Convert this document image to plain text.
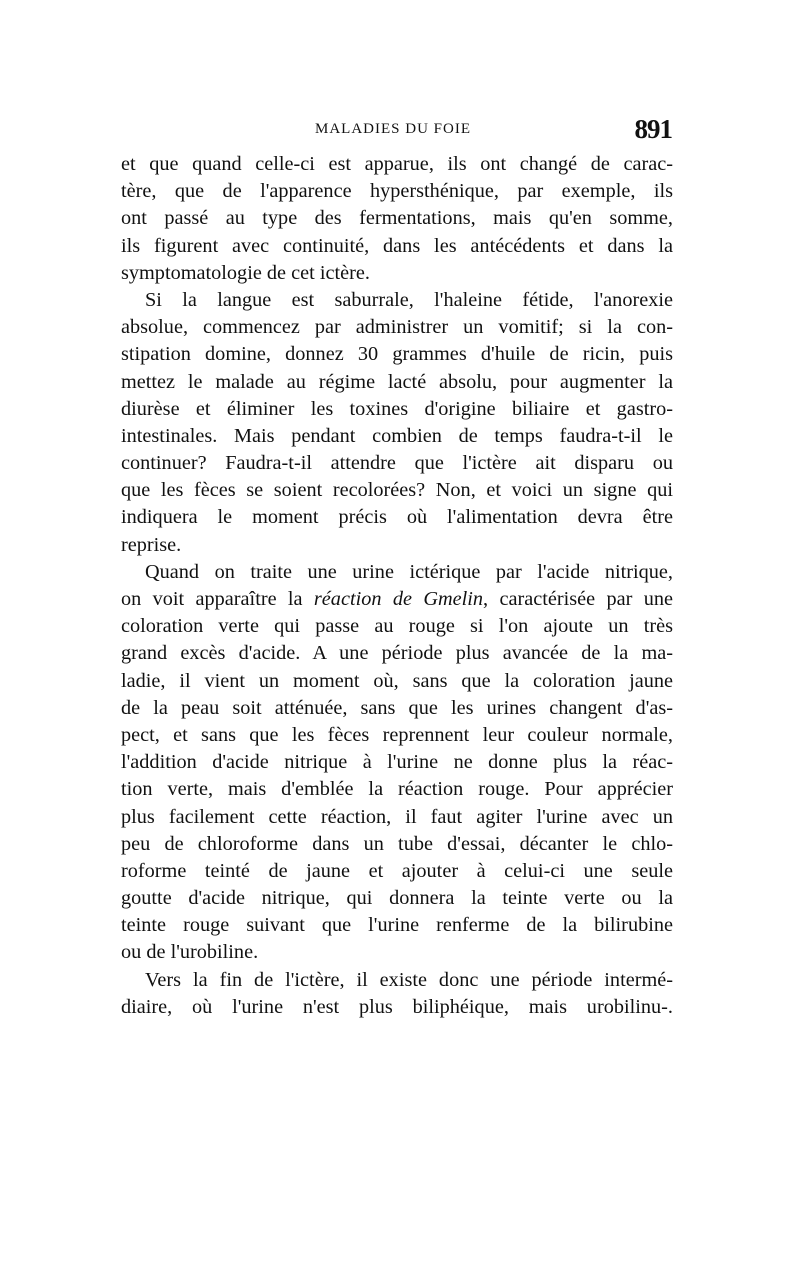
MALADIES DU FOIE	891
et que quand celle-ci est apparue, ils ont changé de carac-
tère, que de l'apparence hypersthénique, par exemple, ils
ont passé au type des fermentations, mais qu'en somme,
ils figurent avec continuité, dans les antécédents et dans la
symptomatologie de cet ictère.
Si la langue est saburrale, l'haleine fétide, l'anorexie
absolue, commencez par administrer un vomitif; si la con-
stipation domine, donnez 30 grammes d'huile de ricin, puis
mettez le malade au régime lacté absolu, pour augmenter la
diurèse et éliminer les toxines d'origine biliaire et gastro-
intestinales. Mais pendant combien de temps faudra-t-il le
continuer? Faudra-t-il attendre que l'ictère ait disparu ou
que les fèces se soient recolorées? Non, et voici un signe qui
indiquera le moment précis où l'alimentation devra être
reprise.
Quand on traite une urine ictérique par l'acide nitrique,
on voit apparaître la réaction de Gmelin, caractérisée par une
coloration verte qui passe au rouge si l'on ajoute un très
grand excès d'acide. A une période plus avancée de la ma-
ladie, il vient un moment où, sans que la coloration jaune
de la peau soit atténuée, sans que les urines changent d'as-
pect, et sans que les fèces reprennent leur couleur normale,
l'addition d'acide nitrique à l'urine ne donne plus la réac-
tion verte, mais d'emblée la réaction rouge. Pour apprécier
plus facilement cette réaction, il faut agiter l'urine avec un
peu de chloroforme dans un tube d'essai, décanter le chlo-
roforme teinté de jaune et ajouter à celui-ci une seule
goutte d'acide nitrique, qui donnera la teinte verte ou la
teinte rouge suivant que l'urine renferme de la bilirubine
ou de l'urobiline.
Vers la fin de l'ictère, il existe donc une période intermé-
diaire, où l'urine n'est plus biliphéique, mais urobilinu-.
